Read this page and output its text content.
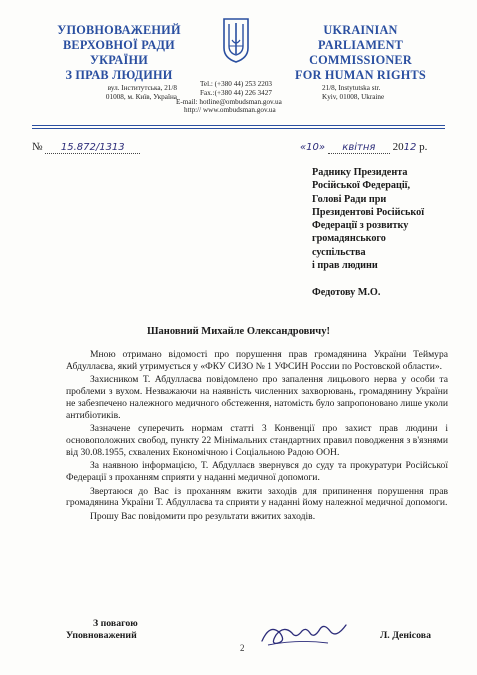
УПОВНОВАЖЕНИЙ
ВЕРХОВНОЇ РАДИ УКРАЇНИ
З ПРАВ ЛЮДИНИ
UKRAINIAN
PARLIAMENT COMMISSIONER
FOR HUMAN RIGHTS
вул. Інститутська, 21/8
01008, м. Київ, Україна
Tel.: (+380 44) 253 2203
Fax.:(+380 44) 226 3427
E-mail: hotline@ombudsman.gov.ua
http:// www.ombudsman.gov.ua
21/8, Instytutska str.
Kyiv, 01008, Ukraine
№ 15.872/1313	«10» квітня 2012 р.
Раднику Президента
Російської Федерації,
Голові Ради при
Президентові Російської
Федерації з розвитку
громадянського
суспільства
і прав людини
Федотову М.О.
Шановний Михайле Олександровичу!

Мною отримано відомості про порушення прав громадянина України Теймура Абдуллаєва, який утримується у «ФКУ СИЗО № 1 УФСИН России по Ростовской области».

Захисником Т. Абдуллаєва повідомлено про запалення лицьового нерва у особи та проблеми з вухом. Незважаючи на наявність численних захворювань, громадянину України не забезпечено належного медичного обстеження, натомість було запропоновано лише уколи антибіотиків.

Зазначене суперечить нормам статті 3 Конвенції про захист прав людини і основоположних свобод, пункту 22 Мінімальних стандартних правил поводження з в'язнями від 30.08.1955, схвалених Економічною і Соціальною Радою ООН.

За наявною інформацією, Т. Абдуллаєв звернувся до суду та прокуратури Російської Федерації з проханням сприяти у наданні медичної допомоги.

Звертаюся до Вас із проханням вжити заходів для припинення порушення прав громадянина України Т. Абдуллаєва та сприяти у наданні йому належної медичної допомоги.

Прошу Вас повідомити про результати вжитих заходів.

З повагою
Уповноважений	Л. Денісова
2
